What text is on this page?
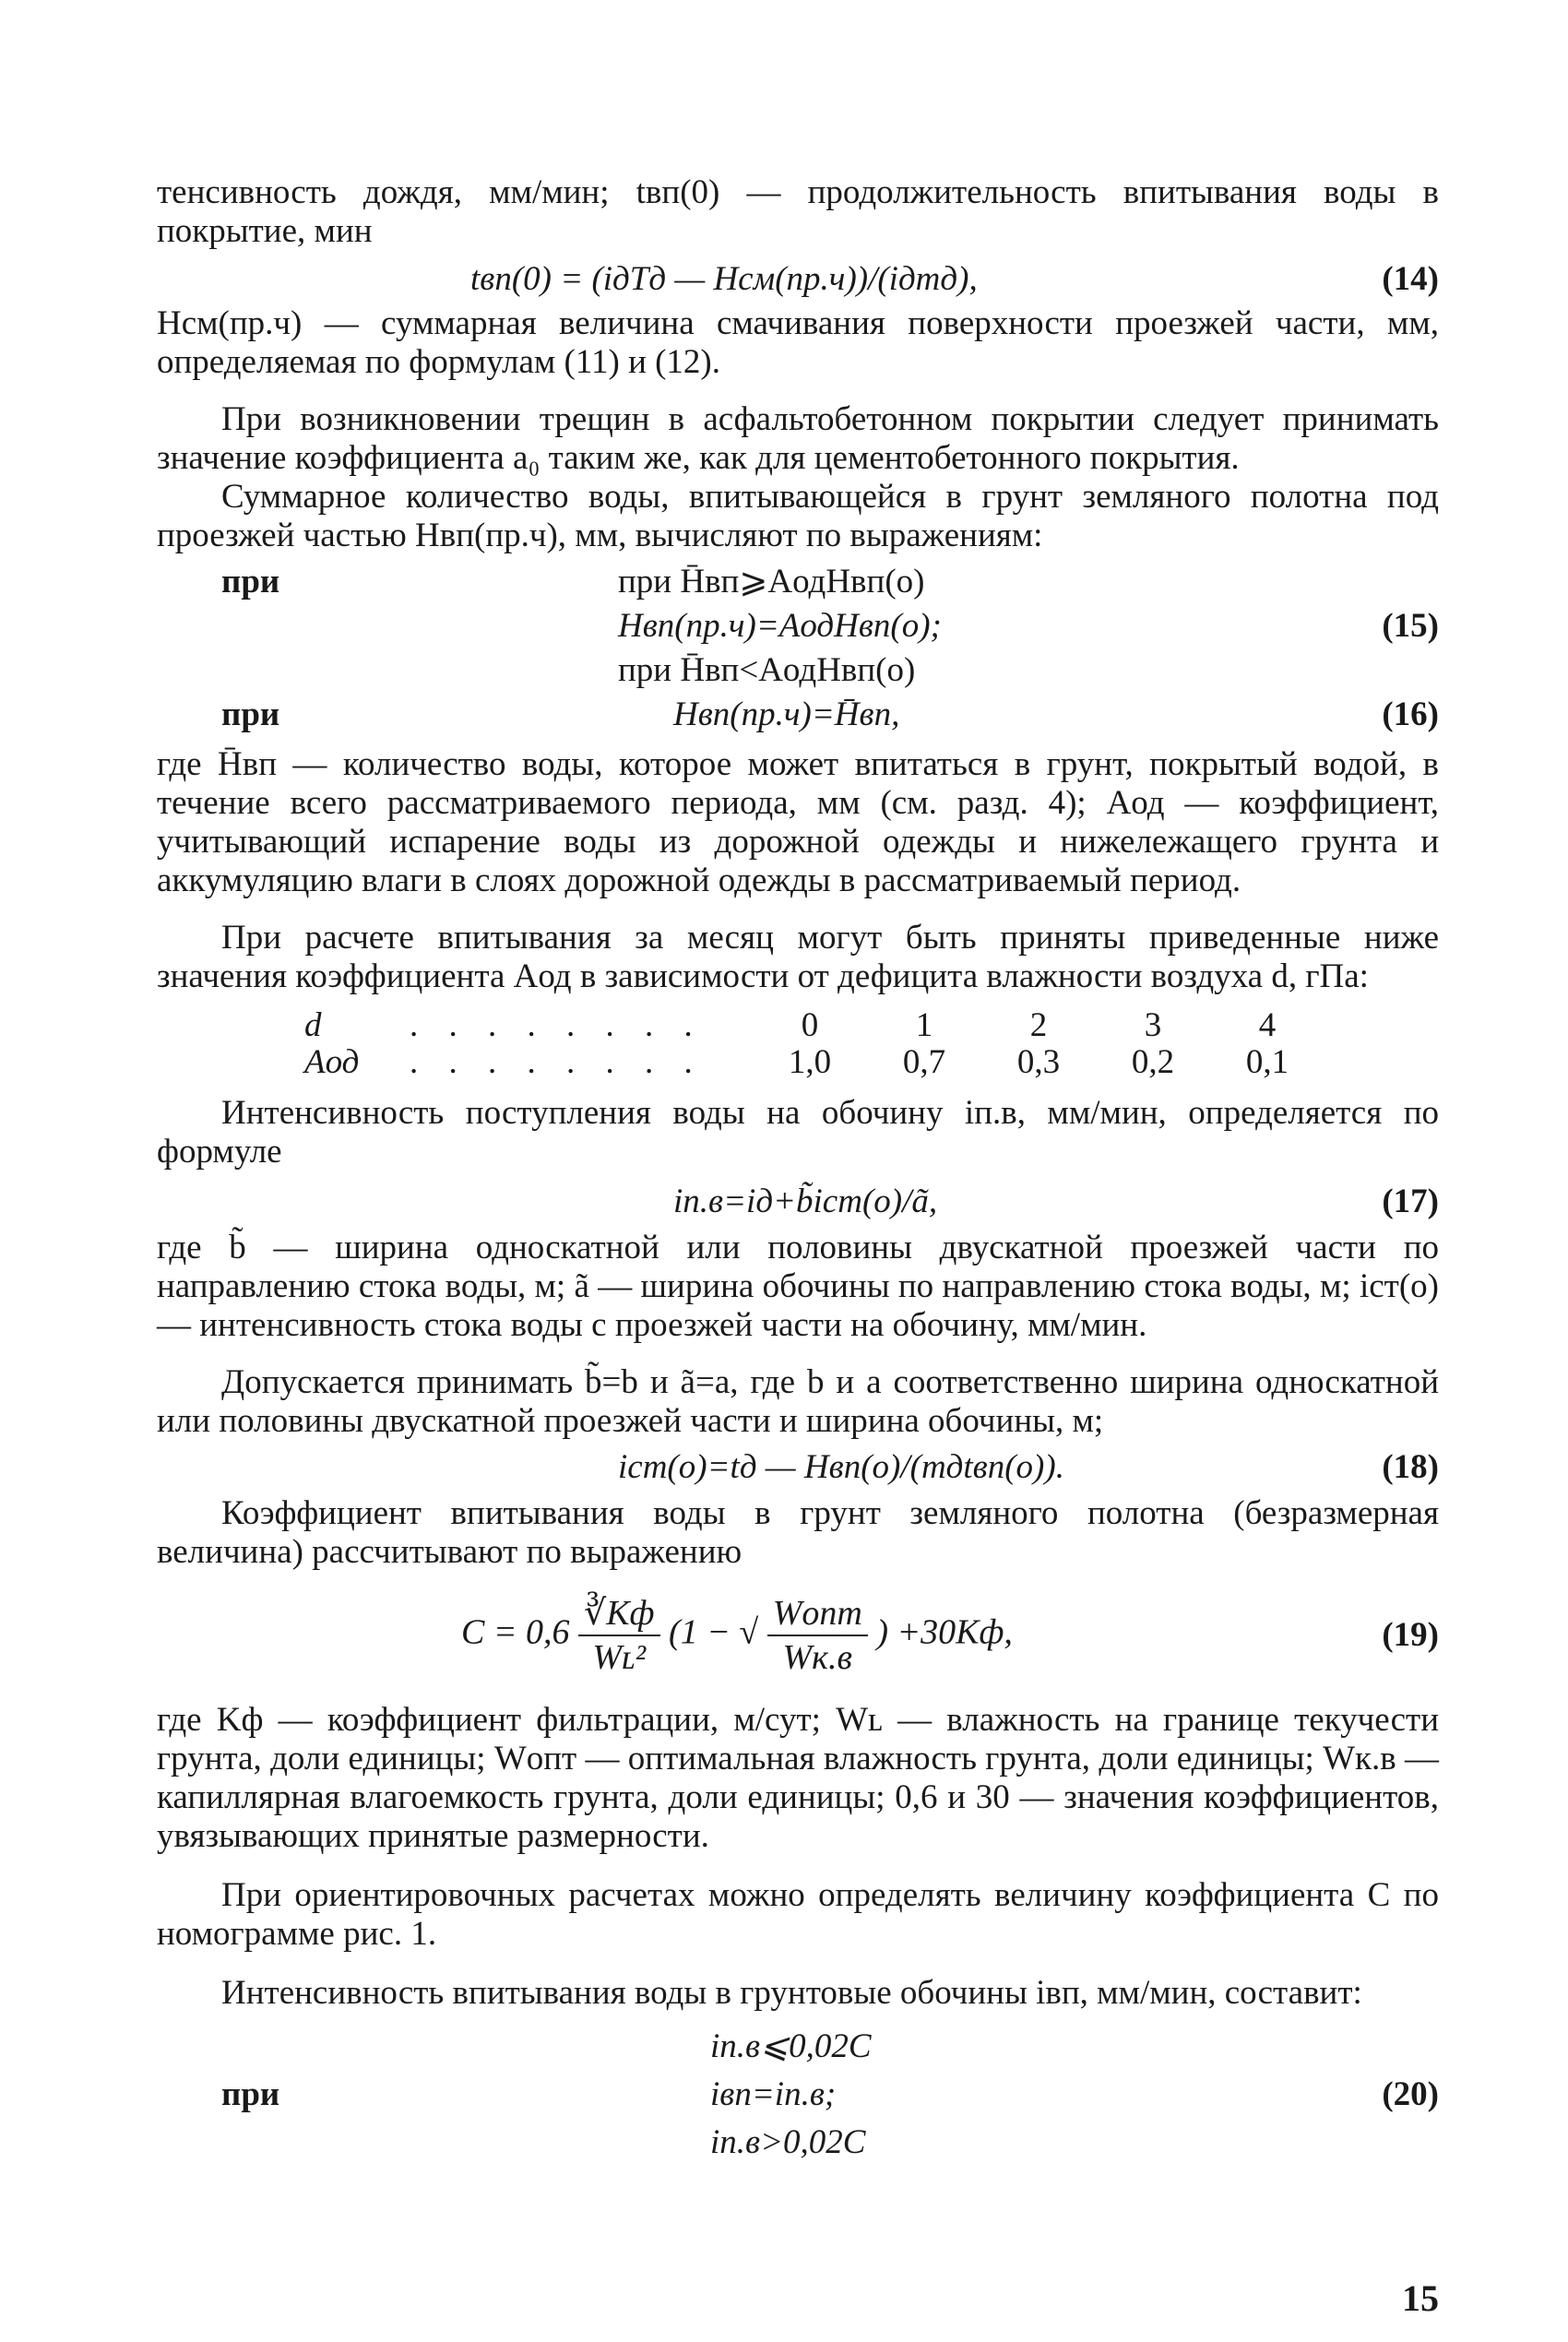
тенсивность дождя, мм/мин; tвп(0) — продолжительность впитывания воды в покрытие, мин

tвп(0) = (iдTд — Hсм(пр.ч))/(iдmд),	(14)

Hсм(пр.ч) — суммарная величина смачивания поверхности проезжей части, мм, определяемая по формулам (11) и (12).

При возникновении трещин в асфальтобетонном покрытии следует принимать значение коэффициента a₀ таким же, как для цементобетонного покрытия.

Суммарное количество воды, впитывающейся в грунт земляного полотна под проезжей частью Hвп(пр.ч), мм, вычисляют по выражениям:

при	при H̄вп⩾AодHвп(о)
Hвп(пр.ч)=AодHвп(о);	(15)
при H̄вп<AодHвп(о)
при	Hвп(пр.ч)=H̄вп,	(16)

где H̄вп — количество воды, которое может впитаться в грунт, покрытый водой, в течение всего рассматриваемого периода, мм (см. разд. 4); Aод — коэффициент, учитывающий испарение воды из дорожной одежды и нижележащего грунта и аккумуляцию влаги в слоях дорожной одежды в рассматриваемый период.

При расчете впитывания за месяц могут быть приняты приведенные ниже значения коэффициента Aод в зависимости от дефицита влажности воздуха d, гПа:

d	. . . . . . . .	0	1	2	3	4
Aод	. . . . . . . .	1,0	0,7	0,3	0,2	0,1

Интенсивность поступления воды на обочину iп.в, мм/мин, определяется по формуле

iп.в=iд+b̃iст(о)/ã,	(17)

где b̃ — ширина односкатной или половины двускатной проезжей части по направлению стока воды, м; ã — ширина обочины по направлению стока воды, м; iст(о) — интенсивность стока воды с проезжей части на обочину, мм/мин.

Допускается принимать b̃=b и ã=a, где b и a соответственно ширина односкатной или половины двускатной проезжей части и ширина обочины, м;

iст(о)=tд — Hвп(о)/(mдtвп(о)).	(18)

Коэффициент впитывания воды в грунт земляного полотна (безразмерная величина) рассчитывают по выражению

$C = 0,6 \frac{∛Kф}{\text{Wʟ²}} (1$ − √ $\frac{\text{Wопт}}{Wк.в}$ ) +30Kф,	(19)

где Kф — коэффициент фильтрации, м/сут; Wʟ — влажность на границе текучести грунта, доли единицы; Wопт — оптимальная влажность грунта, доли единицы; Wк.в — капиллярная влагоемкость грунта, доли единицы; 0,6 и 30 — значения коэффициентов, увязывающих принятые размерности.

При ориентировочных расчетах можно определять величину коэффициента C по номограмме рис. 1.

Интенсивность впитывания воды в грунтовые обочины iвп, мм/мин, составит:

iп.в⩽0,02C
при	iвп=iп.в;	(20)
iп.в>0,02C
15
